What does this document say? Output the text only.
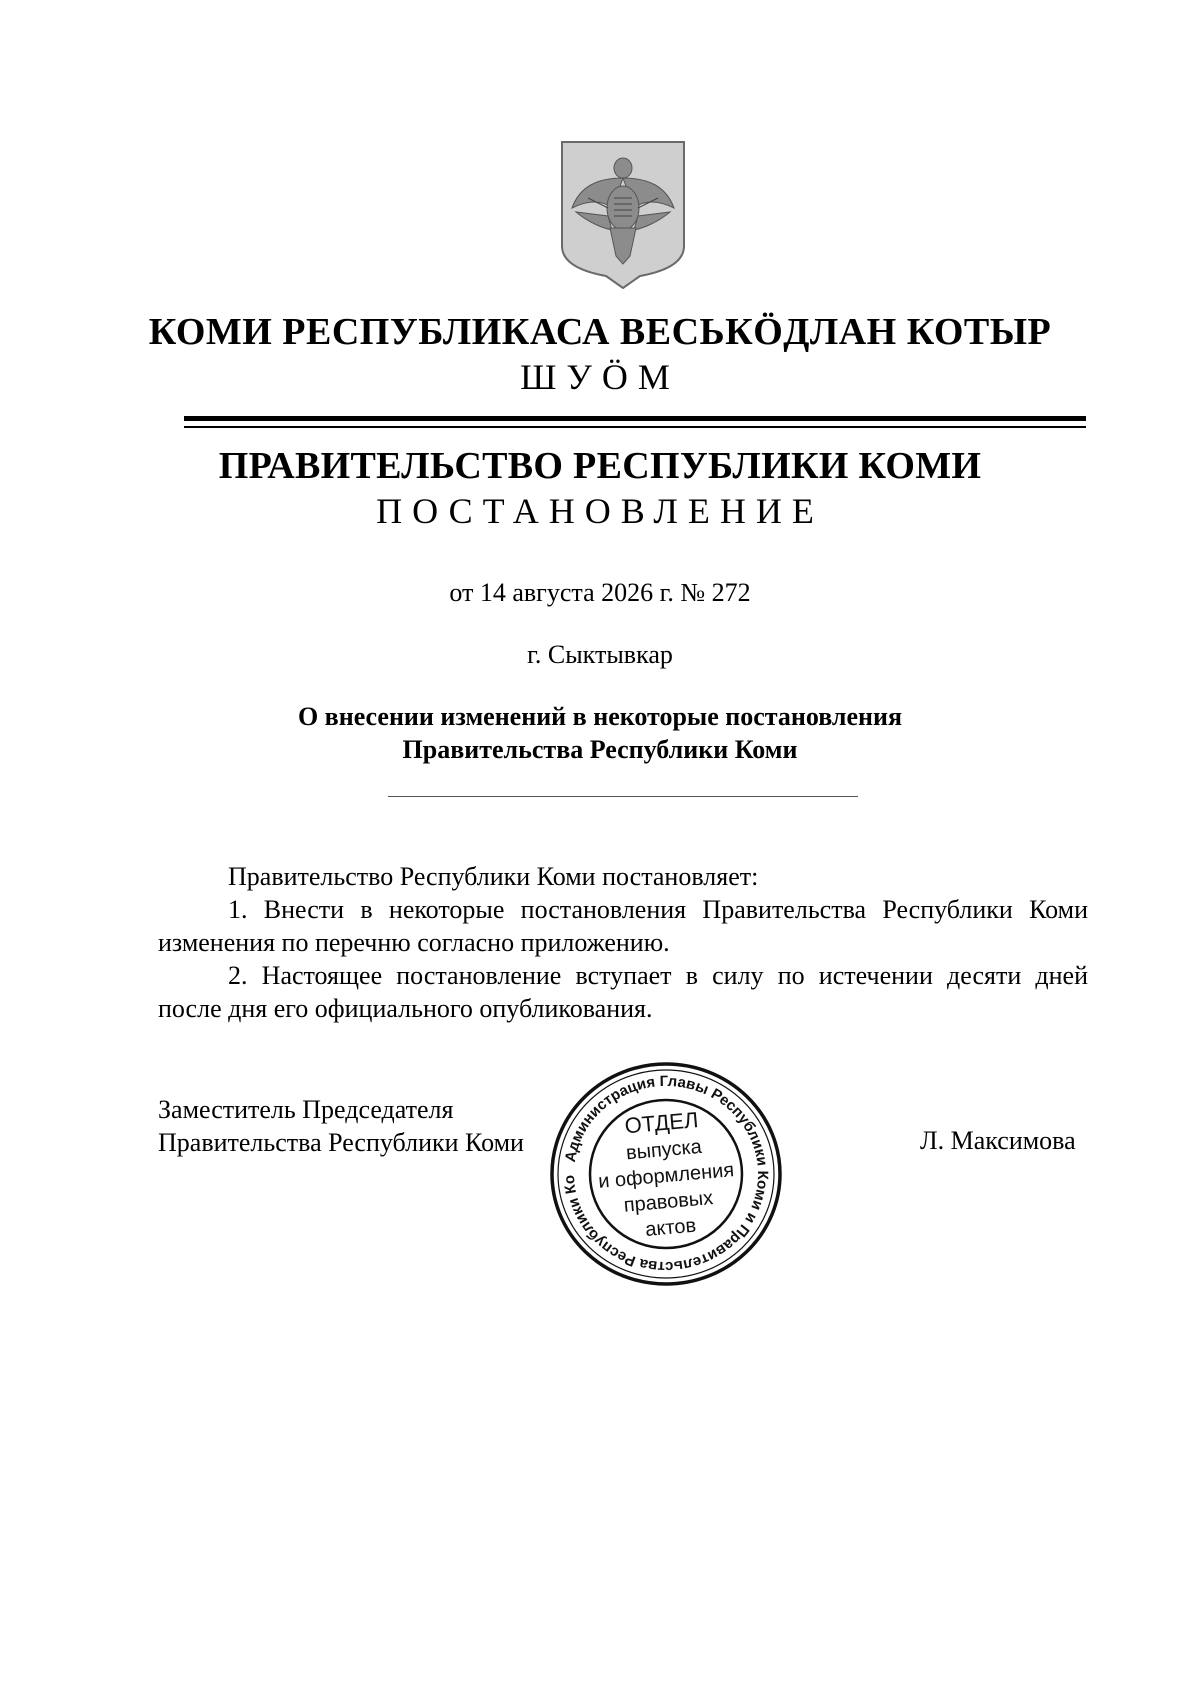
КОМИ РЕСПУБЛИКАСА ВЕСЬКӦДЛАН КОТЫР
ШУӦМ
ПРАВИТЕЛЬСТВО РЕСПУБЛИКИ КОМИ
ПОСТАНОВЛЕНИЕ
от 14 августа 2026 г. № 272
г. Сыктывкар
О внесении изменений в некоторые постановления
Правительства Республики Коми
Правительство Республики Коми постановляет:
1. Внести в некоторые постановления Правительства Республики Коми изменения по перечню согласно приложению.
2. Настоящее постановление вступает в силу по истечении десяти дней после дня его официального опубликования.
Заместитель Председателя
Правительства Республики Коми	Л. Максимова
Администрация Главы Республики Коми и Правительства Республики Ко
ОТДЕЛ
выпуска
и оформления
правовых
актов
